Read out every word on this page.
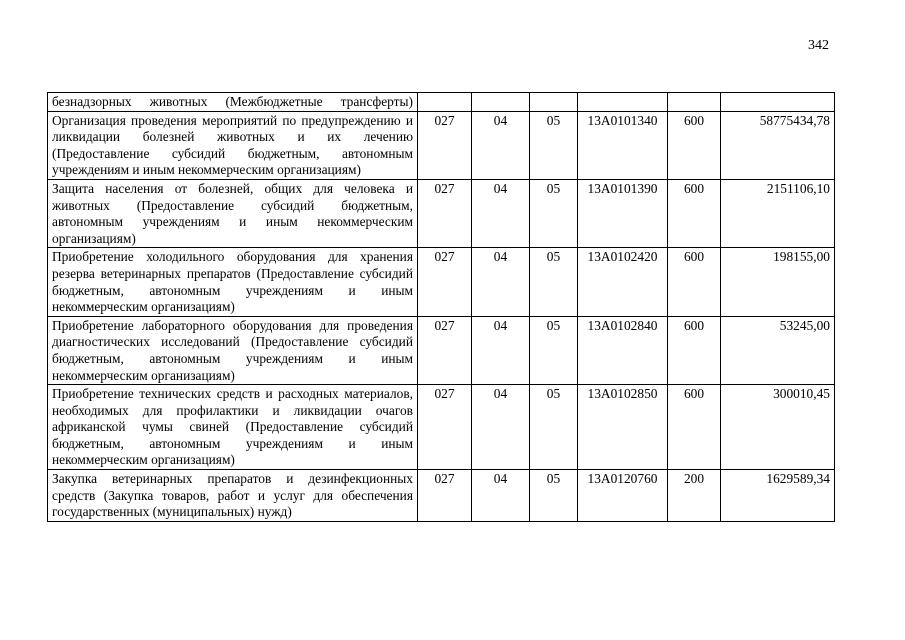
342
безнадзорных животных (Межбюджетные трансферты)						
Организация проведения мероприятий по предупреждению и ликвидации болезней животных и их лечению (Предоставление субсидий бюджетным, автономным учреждениям и иным некоммерческим организациям)	027	04	05	13А0101340	600	58775434,78
Защита населения от болезней, общих для человека и животных (Предоставление субсидий бюджетным, автономным учреждениям и иным некоммерческим организациям)	027	04	05	13А0101390	600	2151106,10
Приобретение холодильного оборудования для хранения резерва ветеринарных препаратов (Предоставление субсидий бюджетным, автономным учреждениям и иным некоммерческим организациям)	027	04	05	13А0102420	600	198155,00
Приобретение лабораторного оборудования для проведения диагностических исследований (Предоставление субсидий бюджетным, автономным учреждениям и иным некоммерческим организациям)	027	04	05	13А0102840	600	53245,00
Приобретение технических средств и расходных материалов, необходимых для профилактики и ликвидации очагов африканской чумы свиней (Предоставление субсидий бюджетным, автономным учреждениям и иным некоммерческим организациям)	027	04	05	13А0102850	600	300010,45
Закупка ветеринарных препаратов и дезинфекционных средств (Закупка товаров, работ и услуг для обеспечения государственных (муниципальных) нужд)	027	04	05	13А0120760	200	1629589,34
